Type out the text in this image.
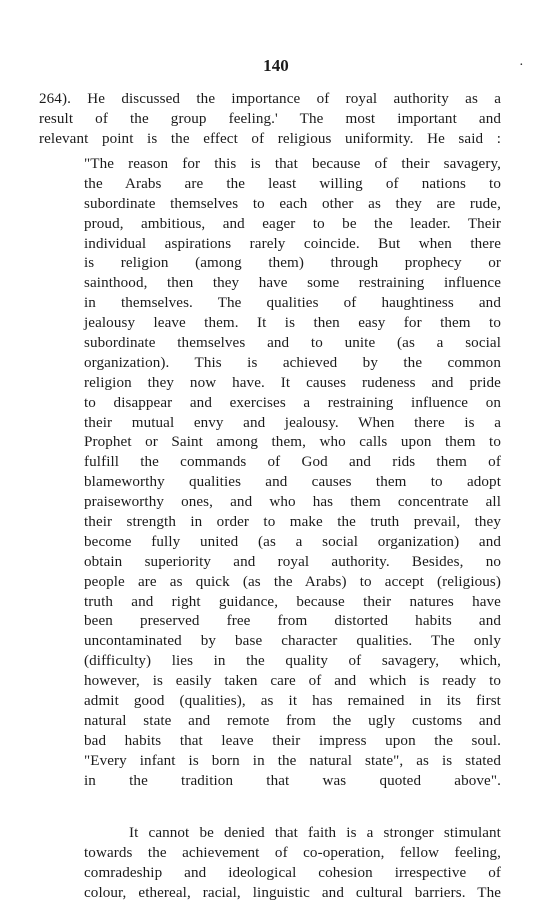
140	·

264). He discussed the importance of royal authority as a
result of the group feeling.' The most important and
relevant point is the effect of religious uniformity. He said :

"The reason for this is that because of their savagery,
the Arabs are the least willing of nations to
subordinate themselves to each other as they are rude,
proud, ambitious, and eager to be the leader. Their
individual aspirations rarely coincide. But when there
is religion (among them) through prophecy or
sainthood, then they have some restraining influence
in themselves. The qualities of haughtiness and
jealousy leave them. It is then easy for them to
subordinate themselves and to unite (as a social
organization). This is achieved by the common
religion they now have. It causes rudeness and pride
to disappear and exercises a restraining influence on
their mutual envy and jealousy. When there is a
Prophet or Saint among them, who calls upon them to
fulfill the commands of God and rids them of
blameworthy qualities and causes them to adopt
praiseworthy ones, and who has them concentrate all
their strength in order to make the truth prevail, they
become fully united (as a social organization) and
obtain superiority and royal authority. Besides, no
people are as quick (as the Arabs) to accept (religious)
truth and right guidance, because their natures have
been preserved free from distorted habits and
uncontaminated by base character qualities. The only
(difficulty) lies in the quality of savagery, which,
however, is easily taken care of and which is ready to
admit good (qualities), as it has remained in its first
natural state and remote from the ugly customs and
bad habits that leave their impress upon the soul.
"Every infant is born in the natural state", as is stated
in the tradition that was quoted above".

It cannot be denied that faith is a stronger stimulant
towards the achievement of co-operation, fellow feeling,
comradeship and ideological cohesion irrespective of
colour, ethereal, racial, linguistic and cultural barriers. The
